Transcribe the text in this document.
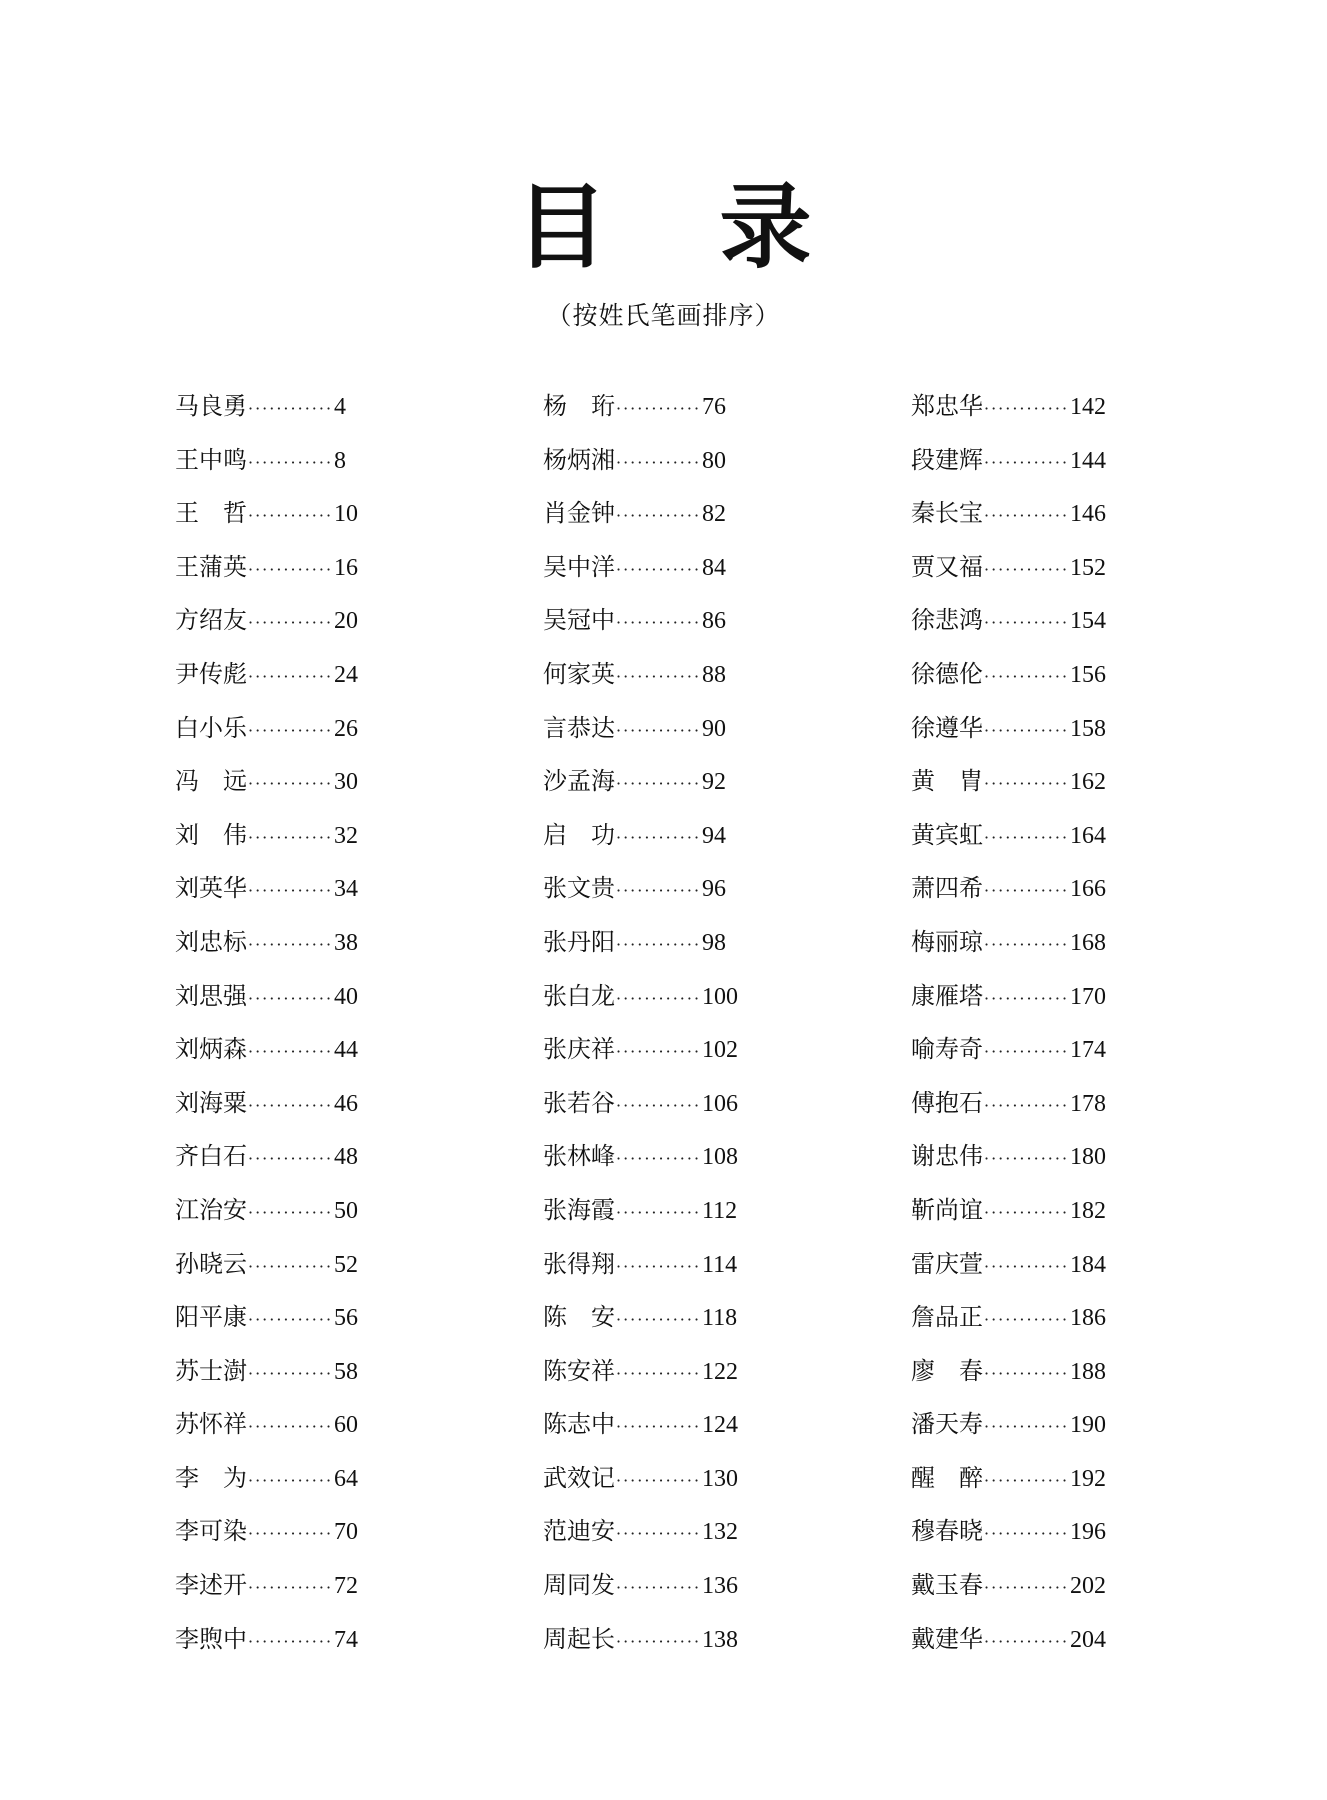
目 录
（按姓氏笔画排序）
马良勇 ············ 4
王中鸣 ············ 8
王　哲 ············ 10
王蒲英 ············ 16
方绍友 ············ 20
尹传彪 ············ 24
白小乐 ············ 26
冯　远 ············ 30
刘　伟 ············ 32
刘英华 ············ 34
刘忠标 ············ 38
刘思强 ············ 40
刘炳森 ············ 44
刘海粟 ············ 46
齐白石 ············ 48
江治安 ············ 50
孙晓云 ············ 52
阳平康 ············ 56
苏士澍 ············ 58
苏怀祥 ············ 60
李　为 ············ 64
李可染 ············ 70
李述开 ············ 72
李煦中 ············ 74
杨　珩 ············ 76
杨炳湘 ············ 80
肖金钟 ············ 82
吴中洋 ············ 84
吴冠中 ············ 86
何家英 ············ 88
言恭达 ············ 90
沙孟海 ············ 92
启　功 ············ 94
张文贵 ············ 96
张丹阳 ············ 98
张白龙 ············ 100
张庆祥 ············ 102
张若谷 ············ 106
张林峰 ············ 108
张海霞 ············ 112
张得翔 ············ 114
陈　安 ············ 118
陈安祥 ············ 122
陈志中 ············ 124
武效记 ············ 130
范迪安 ············ 132
周同发 ············ 136
周起长 ············ 138
郑忠华 ············ 142
段建辉 ············ 144
秦长宝 ············ 146
贾又福 ············ 152
徐悲鸿 ············ 154
徐德伦 ············ 156
徐遵华 ············ 158
黄　胄 ············ 162
黄宾虹 ············ 164
萧四希 ············ 166
梅丽琼 ············ 168
康雁塔 ············ 170
喻寿奇 ············ 174
傅抱石 ············ 178
谢忠伟 ············ 180
靳尚谊 ············ 182
雷庆萱 ············ 184
詹品正 ············ 186
廖　春 ············ 188
潘天寿 ············ 190
醒　醉 ············ 192
穆春晓 ············ 196
戴玉春 ············ 202
戴建华 ············ 204
